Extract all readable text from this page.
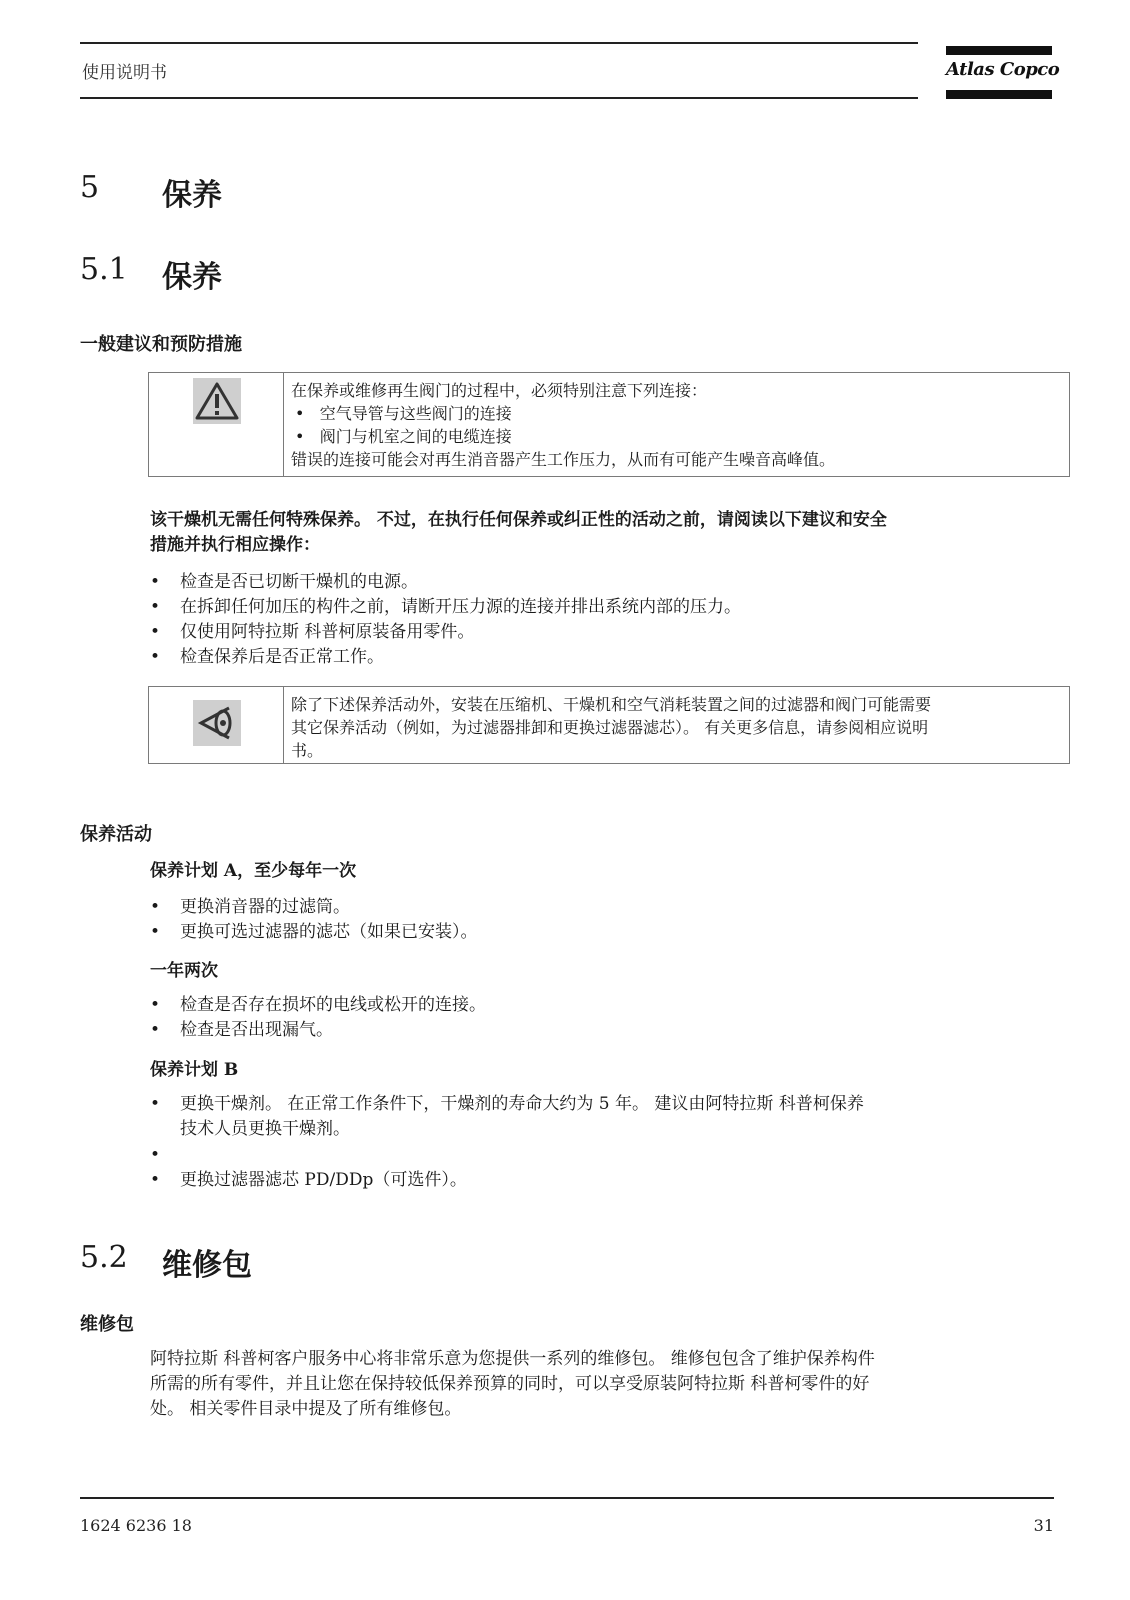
使用说明书	Atlas Copco
5 保养
5.1 保养
一般建议和预防措施
在保养或维修再生阀门的过程中，必须特别注意下列连接：
•   空气导管与这些阀门的连接
•   阀门与机室之间的电缆连接
错误的连接可能会对再生消音器产生工作压力，从而有可能产生噪音高峰值。
该干燥机无需任何特殊保养。 不过，在执行任何保养或纠正性的活动之前，请阅读以下建议和安全
措施并执行相应操作：
• 检查是否已切断干燥机的电源。
• 在拆卸任何加压的构件之前，请断开压力源的连接并排出系统内部的压力。
• 仅使用阿特拉斯 科普柯原装备用零件。
• 检查保养后是否正常工作。
除了下述保养活动外，安装在压缩机、干燥机和空气消耗装置之间的过滤器和阀门可能需要
其它保养活动（例如，为过滤器排卸和更换过滤器滤芯）。 有关更多信息，请参阅相应说明
书。
保养活动
保养计划 A，至少每年一次
• 更换消音器的过滤筒。
• 更换可选过滤器的滤芯（如果已安装）。
一年两次
• 检查是否存在损坏的电线或松开的连接。
• 检查是否出现漏气。
保养计划 B
• 更换干燥剂。 在正常工作条件下，干燥剂的寿命大约为 5 年。 建议由阿特拉斯 科普柯保养
技术人员更换干燥剂。
•
• 更换过滤器滤芯 PD/DDp（可选件）。
5.2 维修包
维修包
阿特拉斯 科普柯客户服务中心将非常乐意为您提供一系列的维修包。 维修包包含了维护保养构件
所需的所有零件，并且让您在保持较低保养预算的同时，可以享受原装阿特拉斯 科普柯零件的好
处。 相关零件目录中提及了所有维修包。
1624 6236 18	31
